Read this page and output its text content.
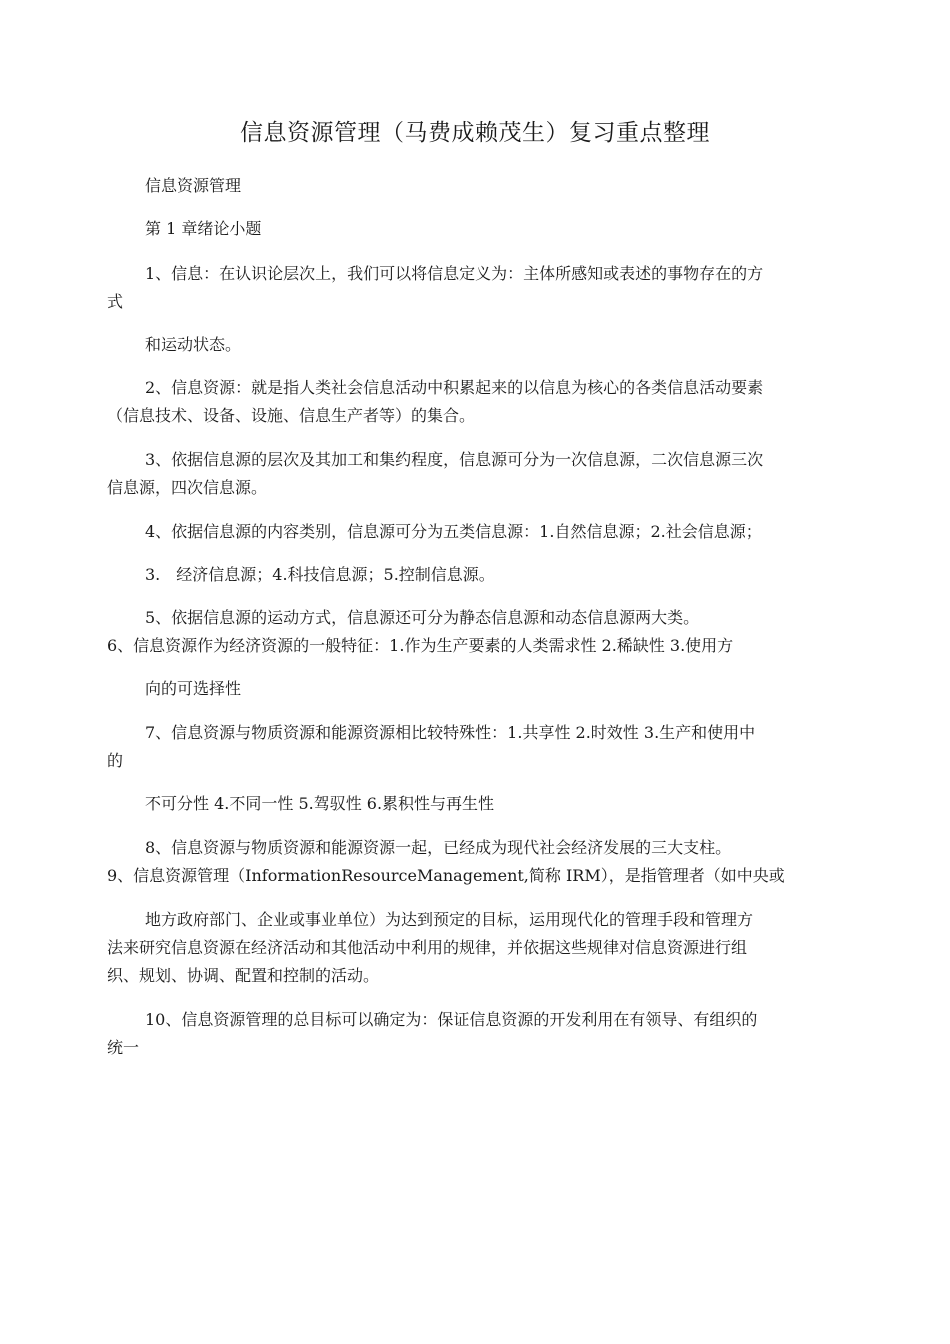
信息资源管理（马费成赖茂生）复习重点整理
信息资源管理
第 1 章绪论小题
1、信息：在认识论层次上，我们可以将信息定义为：主体所感知或表述的事物存在的方
式
和运动状态。
2、信息资源：就是指人类社会信息活动中积累起来的以信息为核心的各类信息活动要素
（信息技术、设备、设施、信息生产者等）的集合。
3、依据信息源的层次及其加工和集约程度，信息源可分为一次信息源，二次信息源三次
信息源，四次信息源。
4、依据信息源的内容类别，信息源可分为五类信息源：1.自然信息源；2.社会信息源；
3.　经济信息源；4.科技信息源；5.控制信息源。
5、依据信息源的运动方式，信息源还可分为静态信息源和动态信息源两大类。
6、信息资源作为经济资源的一般特征：1.作为生产要素的人类需求性 2.稀缺性 3.使用方
向的可选择性
7、信息资源与物质资源和能源资源相比较特殊性：1.共享性 2.时效性 3.生产和使用中
的
不可分性 4.不同一性 5.驾驭性 6.累积性与再生性
8、信息资源与物质资源和能源资源一起，已经成为现代社会经济发展的三大支柱。
9、信息资源管理（InformationResourceManagement,简称 IRM），是指管理者（如中央或
地方政府部门、企业或事业单位）为达到预定的目标，运用现代化的管理手段和管理方
法来研究信息资源在经济活动和其他活动中利用的规律，并依据这些规律对信息资源进行组
织、规划、协调、配置和控制的活动。
10、信息资源管理的总目标可以确定为：保证信息资源的开发利用在有领导、有组织的
统一
